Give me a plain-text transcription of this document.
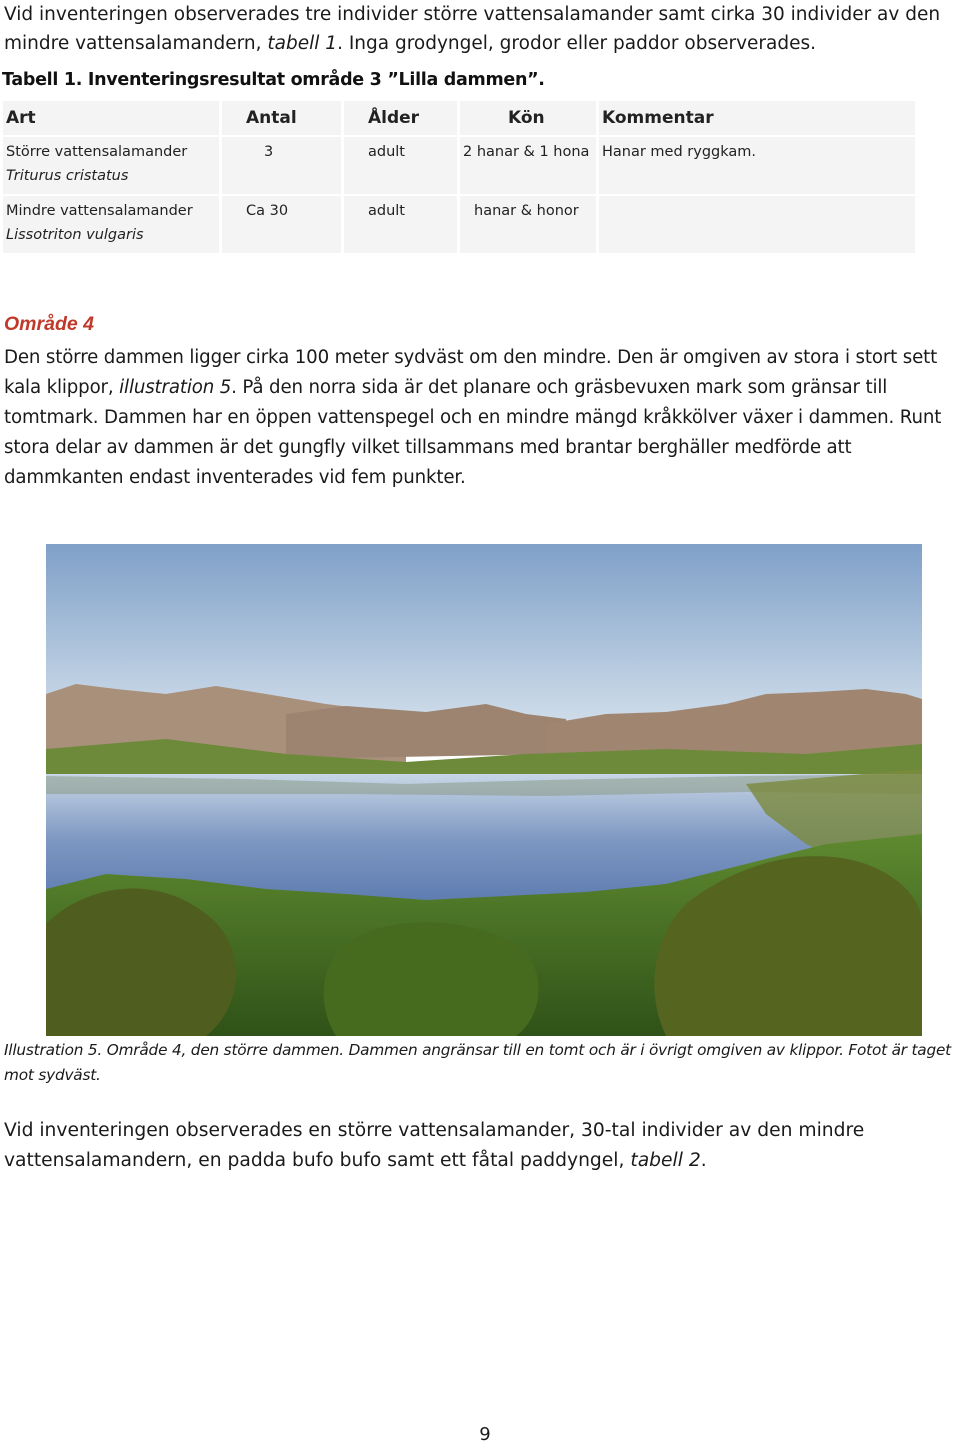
Vid inventeringen observerades tre individer större vattensalamander samt cirka 30 individer av den mindre vattensalamandern, tabell 1. Inga grodyngel, grodor eller paddor observerades.

Tabell 1. Inventeringsresultat område 3 ”Lilla dammen”.

Art	Antal	Ålder	Kön	Kommentar
Större vattensalamander
Triturus cristatus	3	adult	2 hanar & 1 hona	Hanar med ryggkam.
Mindre vattensalamander
Lissotriton vulgaris	Ca 30	adult	hanar & honor	
Område 4

Den större dammen ligger cirka 100 meter sydväst om den mindre. Den är omgiven av stora i stort sett kala klippor, illustration 5. På den norra sida är det planare och gräsbevuxen mark som gränsar till tomtmark. Dammen har en öppen vattenspegel och en mindre mängd kråkkölver växer i dammen. Runt stora delar av dammen är det gungfly vilket tillsammans med brantar berghäller medförde att dammkanten endast inventerades vid fem punkter.

Illustration 5. Område 4, den större dammen. Dammen angränsar till en tomt och är i övrigt omgiven av klippor. Fotot är taget mot sydväst.

Vid inventeringen observerades en större vattensalamander, 30-tal individer av den mindre vattensalamandern, en padda bufo bufo samt ett fåtal paddyngel, tabell 2.

9
